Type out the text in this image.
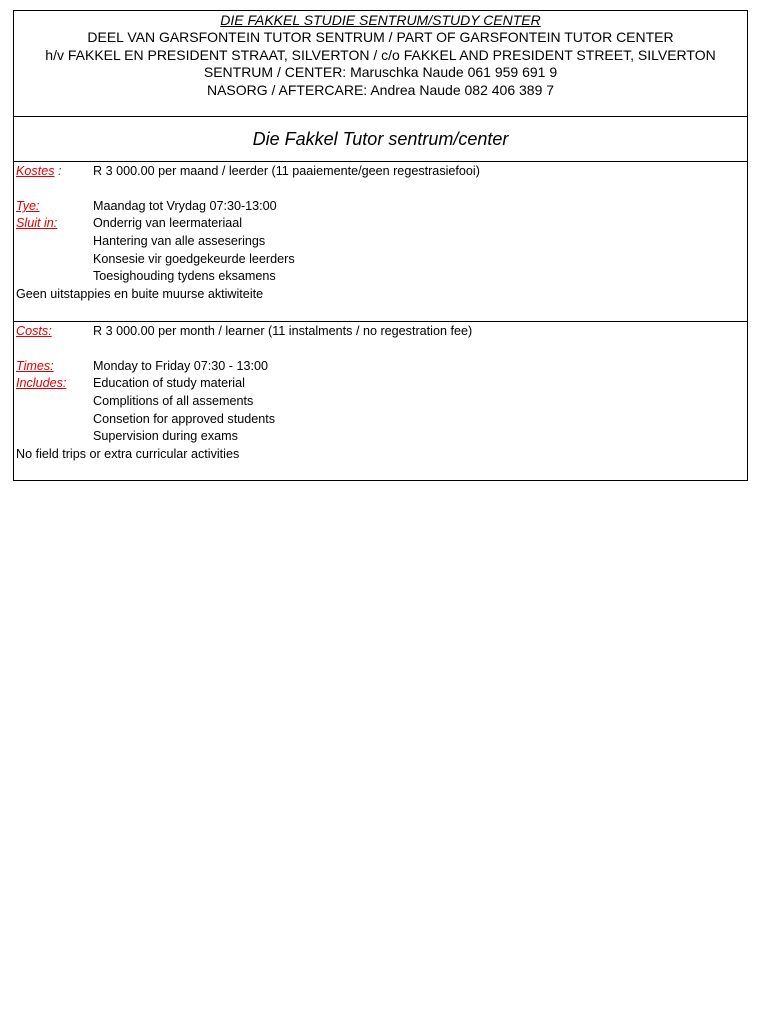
DIE FAKKEL STUDIE SENTRUM/STUDY CENTER
DEEL VAN GARSFONTEIN TUTOR SENTRUM / PART OF GARSFONTEIN TUTOR CENTER
h/v FAKKEL EN PRESIDENT STRAAT, SILVERTON / c/o FAKKEL AND PRESIDENT STREET, SILVERTON
SENTRUM / CENTER: Maruschka Naude 061 959 691 9
NASORG / AFTERCARE: Andrea Naude 082 406 389 7
Die Fakkel Tutor sentrum/center
Kostes : R 3 000.00 per maand / leerder (11 paaiemente/geen regestrasiefooi)
Tye:	Maandag tot Vrydag 07:30-13:00
Sluit in:	Onderrig van leermateriaal
Hantering van alle asseserings
Konsesie vir goedgekeurde leerders
Toesighouding tydens eksamens
Geen uitstappies en buite muurse aktiwiteite
Costs:	R 3 000.00 per month / learner (11 instalments / no regestration fee)
Times:	Monday to Friday 07:30 - 13:00
Includes: Education of study material
Complitions of all assements
Consetion for approved students
Supervision during exams
No field trips or extra curricular activities
